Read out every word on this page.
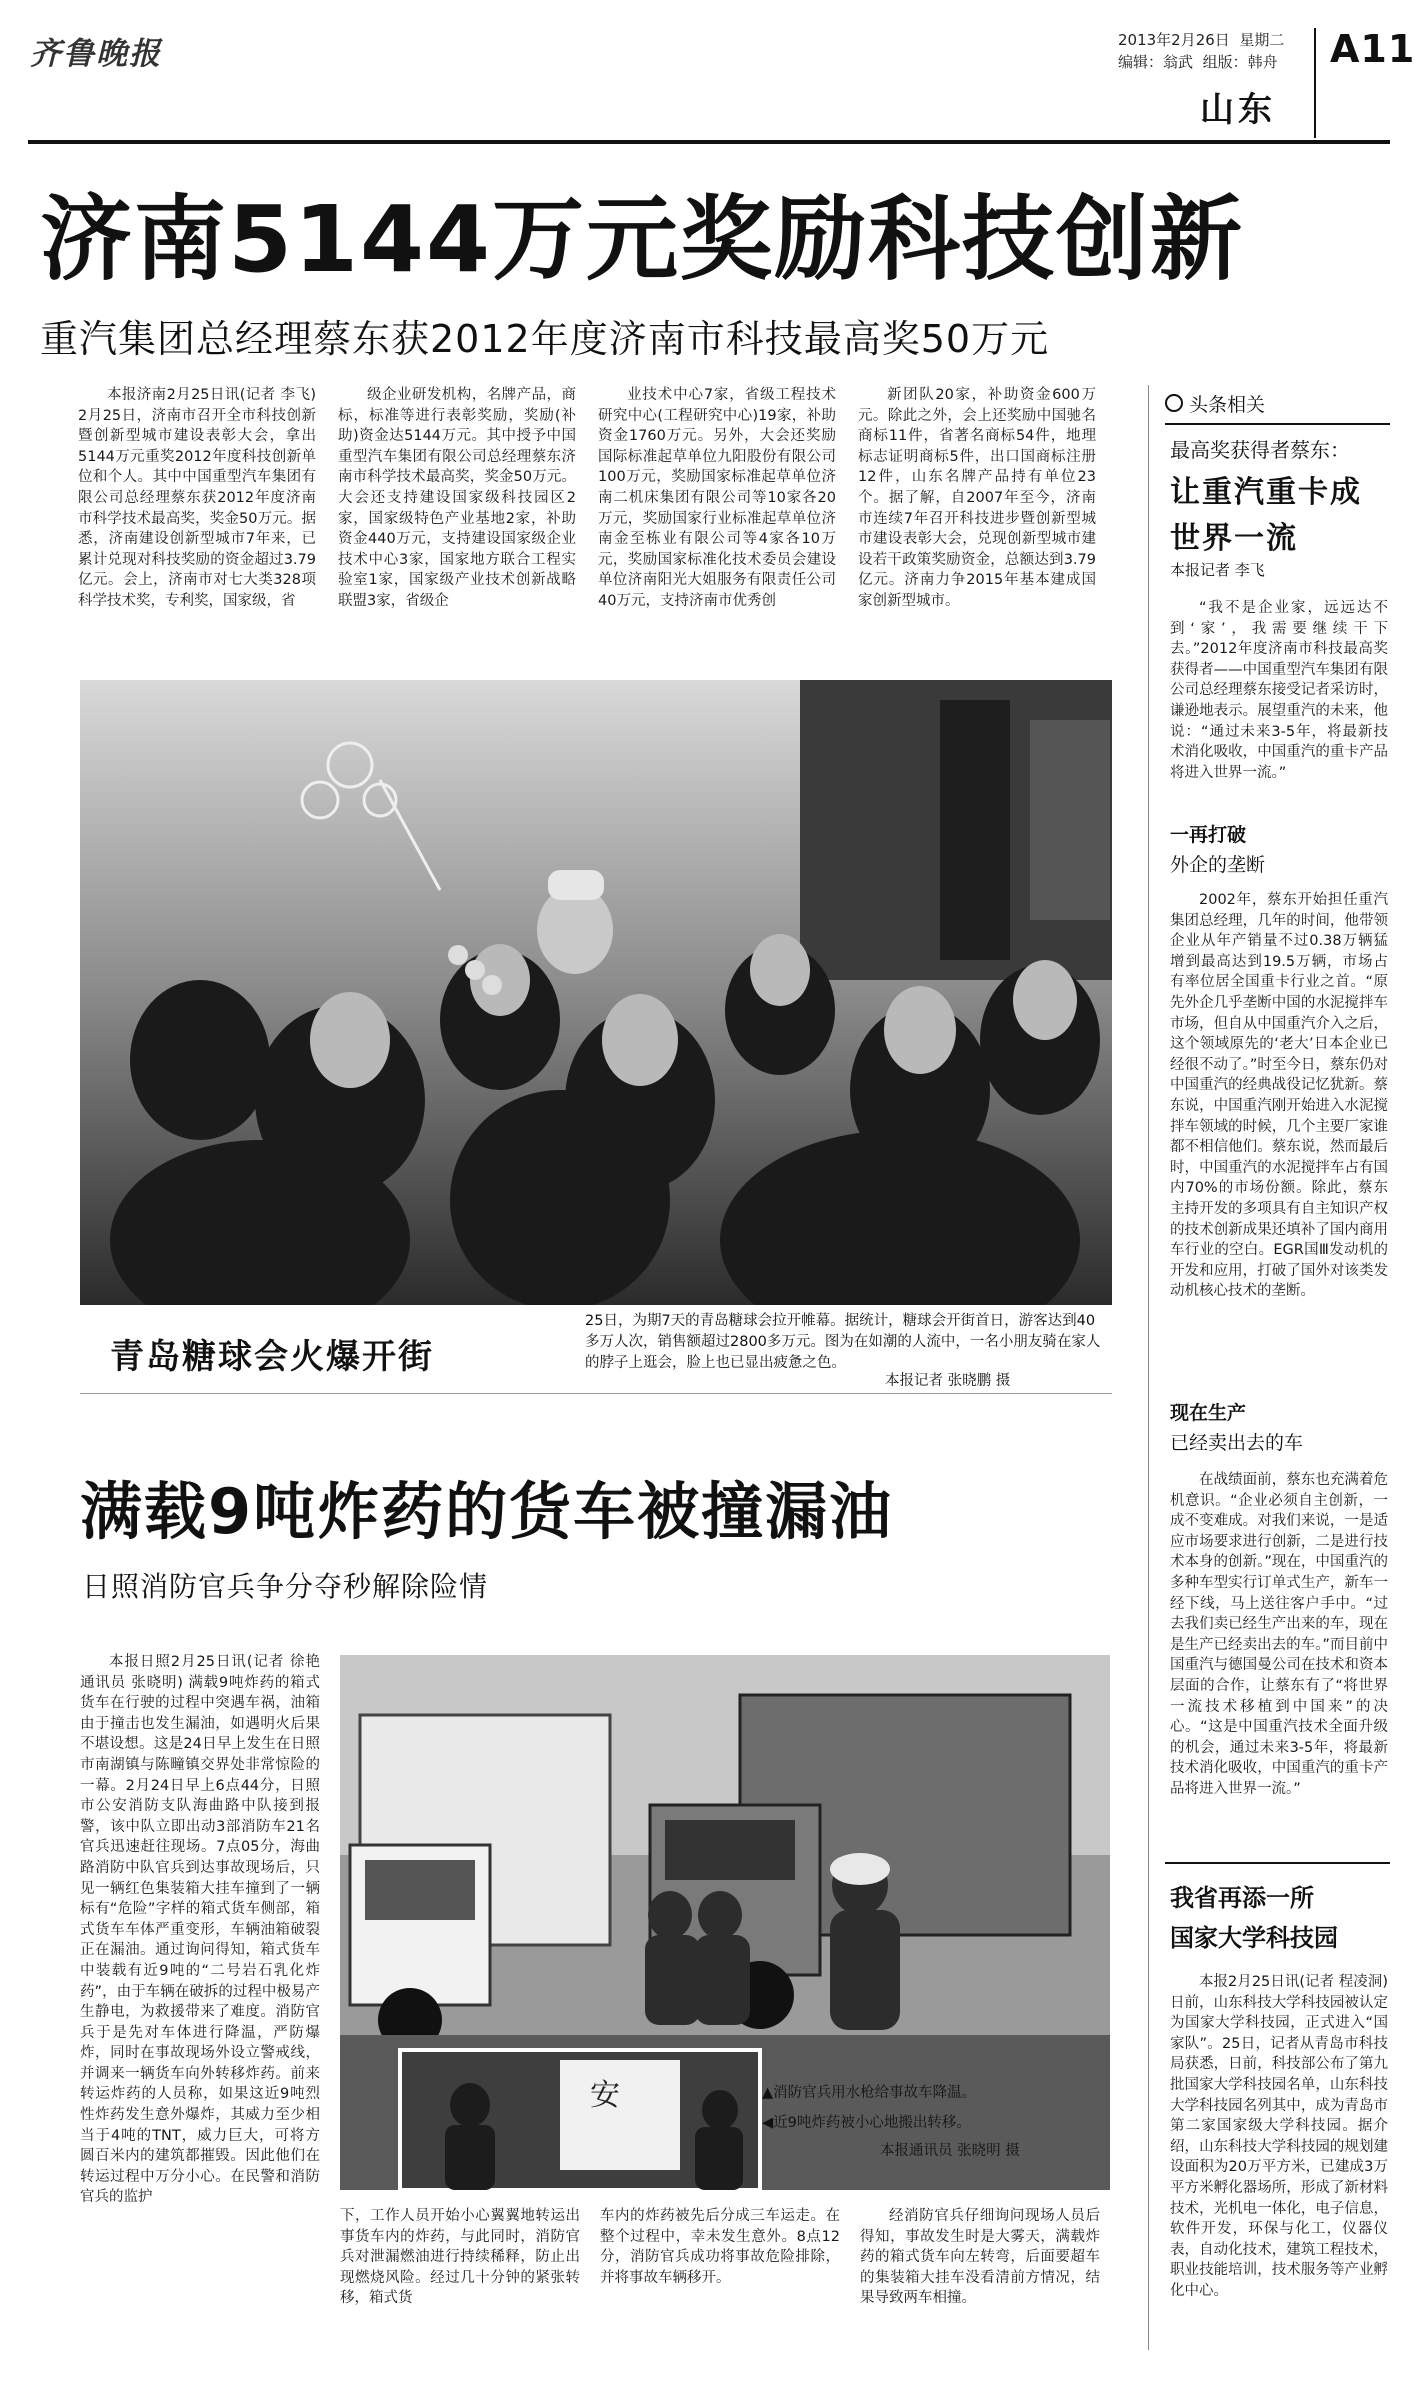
齐鲁晚报	2013年2月26日 星期二
编辑：翁武 组版：韩舟 A11
山东
济南5144万元奖励科技创新
重汽集团总经理蔡东获2012年度济南市科技最高奖50万元
本报济南2月25日讯(记者 李飞) 2月25日，济南市召开全市科技创新暨创新型城市建设表彰大会，拿出5144万元重奖2012年度科技创新单位和个人。其中中国重型汽车集团有限公司总经理蔡东获2012年度济南市科学技术最高奖，奖金50万元。据悉，济南建设创新型城市7年来，已累计兑现对科技奖励的资金超过3.79亿元。会上，济南市对七大类328项科学技术奖，专利奖，国家级，省
级企业研发机构，名牌产品，商标，标准等进行表彰奖励，奖励(补助)资金达5144万元。其中授予中国重型汽车集团有限公司总经理蔡东济南市科学技术最高奖，奖金50万元。大会还支持建设国家级科技园区2家，国家级特色产业基地2家，补助资金440万元，支持建设国家级企业技术中心3家，国家地方联合工程实验室1家，国家级产业技术创新战略联盟3家，省级企
业技术中心7家，省级工程技术研究中心(工程研究中心)19家，补助资金1760万元。另外，大会还奖励国际标准起草单位九阳股份有限公司100万元，奖励国家标准起草单位济南二机床集团有限公司等10家各20万元，奖励国家行业标准起草单位济南金至栋业有限公司等4家各10万元，奖励国家标准化技术委员会建设单位济南阳光大姐服务有限责任公司40万元，支持济南市优秀创
新团队20家，补助资金600万元。除此之外，会上还奖励中国驰名商标11件，省著名商标54件，地理标志证明商标5件，出口国商标注册12件，山东名牌产品持有单位23个。据了解，自2007年至今，济南市连续7年召开科技进步暨创新型城市建设表彰大会，兑现创新型城市建设若干政策奖励资金，总额达到3.79亿元。济南力争2015年基本建成国家创新型城市。
青岛糖球会火爆开街
25日，为期7天的青岛糖球会拉开帷幕。据统计，糖球会开街首日，游客达到40多万人次，销售额超过2800多万元。图为在如潮的人流中，一名小朋友骑在家人的脖子上逛会，脸上也已显出疲惫之色。
本报记者 张晓鹏 摄
满载9吨炸药的货车被撞漏油
日照消防官兵争分夺秒解除险情
本报日照2月25日讯(记者 徐艳 通讯员 张晓明) 满载9吨炸药的箱式货车在行驶的过程中突遇车祸，油箱由于撞击也发生漏油，如遇明火后果不堪设想。这是24日早上发生在日照市南湖镇与陈疃镇交界处非常惊险的一幕。2月24日早上6点44分，日照市公安消防支队海曲路中队接到报警，该中队立即出动3部消防车21名官兵迅速赶往现场。7点05分，海曲路消防中队官兵到达事故现场后，只见一辆红色集装箱大挂车撞到了一辆标有“危险”字样的箱式货车侧部，箱式货车车体严重变形，车辆油箱破裂正在漏油。通过询问得知，箱式货车中装载有近9吨的“二号岩石乳化炸药”，由于车辆在破拆的过程中极易产生静电，为救援带来了难度。消防官兵于是先对车体进行降温，严防爆炸，同时在事故现场外设立警戒线，并调来一辆货车向外转移炸药。前来转运炸药的人员称，如果这近9吨烈性炸药发生意外爆炸，其威力至少相当于4吨的TNT，威力巨大，可将方圆百米内的建筑都摧毁。因此他们在转运过程中万分小心。在民警和消防官兵的监护
安	▲消防官兵用水枪给事故车降温。
◀近9吨炸药被小心地搬出转移。
本报通讯员 张晓明 摄
下，工作人员开始小心翼翼地转运出事货车内的炸药，与此同时，消防官兵对泄漏燃油进行持续稀释，防止出现燃烧风险。经过几十分钟的紧张转移，箱式货
车内的炸药被先后分成三车运走。在整个过程中，幸未发生意外。8点12分，消防官兵成功将事故危险排除，并将事故车辆移开。
经消防官兵仔细询问现场人员后得知，事故发生时是大雾天，满载炸药的箱式货车向左转弯，后面要超车的集装箱大挂车没看清前方情况，结果导致两车相撞。
头条相关
最高奖获得者蔡东：
让重汽重卡成世界一流
本报记者 李飞
“我不是企业家，远远达不到‘家’，我需要继续干下去。”2012年度济南市科技最高奖获得者——中国重型汽车集团有限公司总经理蔡东接受记者采访时，谦逊地表示。展望重汽的未来，他说：“通过未来3-5年，将最新技术消化吸收，中国重汽的重卡产品将进入世界一流。”
一再打破
外企的垄断
2002年，蔡东开始担任重汽集团总经理，几年的时间，他带领企业从年产销量不过0.38万辆猛增到最高达到19.5万辆，市场占有率位居全国重卡行业之首。“原先外企几乎垄断中国的水泥搅拌车市场，但自从中国重汽介入之后，这个领域原先的‘老大’日本企业已经很不动了。”时至今日，蔡东仍对中国重汽的经典战役记忆犹新。蔡东说，中国重汽刚开始进入水泥搅拌车领域的时候，几个主要厂家谁都不相信他们。蔡东说，然而最后时，中国重汽的水泥搅拌车占有国内70%的市场份额。除此，蔡东主持开发的多项具有自主知识产权的技术创新成果还填补了国内商用车行业的空白。EGR国Ⅲ发动机的开发和应用，打破了国外对该类发动机核心技术的垄断。
现在生产
已经卖出去的车
在战绩面前，蔡东也充满着危机意识。“企业必须自主创新，一成不变难成。对我们来说，一是适应市场要求进行创新，二是进行技术本身的创新。”现在，中国重汽的多种车型实行订单式生产，新车一经下线，马上送往客户手中。“过去我们卖已经生产出来的车，现在是生产已经卖出去的车。”而目前中国重汽与德国曼公司在技术和资本层面的合作，让蔡东有了“将世界一流技术移植到中国来”的决心。“这是中国重汽技术全面升级的机会，通过未来3-5年，将最新技术消化吸收，中国重汽的重卡产品将进入世界一流。”
我省再添一所
国家大学科技园
本报2月25日讯(记者 程凌洞) 日前，山东科技大学科技园被认定为国家大学科技园，正式进入“国家队”。25日，记者从青岛市科技局获悉，日前，科技部公布了第九批国家大学科技园名单，山东科技大学科技园名列其中，成为青岛市第二家国家级大学科技园。据介绍，山东科技大学科技园的规划建设面积为20万平方米，已建成3万平方米孵化器场所，形成了新材料技术，光机电一体化，电子信息，软件开发，环保与化工，仪器仪表，自动化技术，建筑工程技术，职业技能培训，技术服务等产业孵化中心。
